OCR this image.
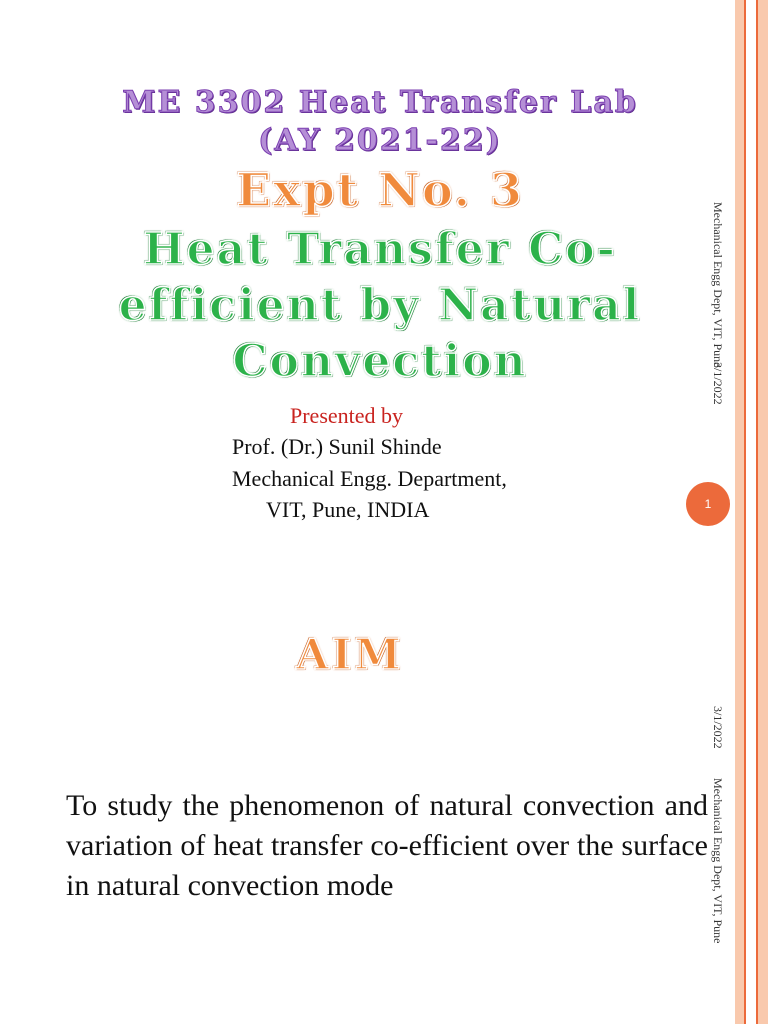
ME 3302 Heat Transfer Lab
(AY 2021-22)
Expt No. 3
Heat Transfer Co-
efficient by Natural
Convection
Presented by
Prof. (Dr.) Sunil Shinde
Mechanical Engg. Department,
VIT, Pune, INDIA
Mechanical Engg Dept, VIT, Pune
3/1/2022
1
AIM
3/1/2022
Mechanical Engg Dept, VIT, Pune
To study the phenomenon of natural convection and variation of heat transfer co-efficient over the surface in natural convection mode
